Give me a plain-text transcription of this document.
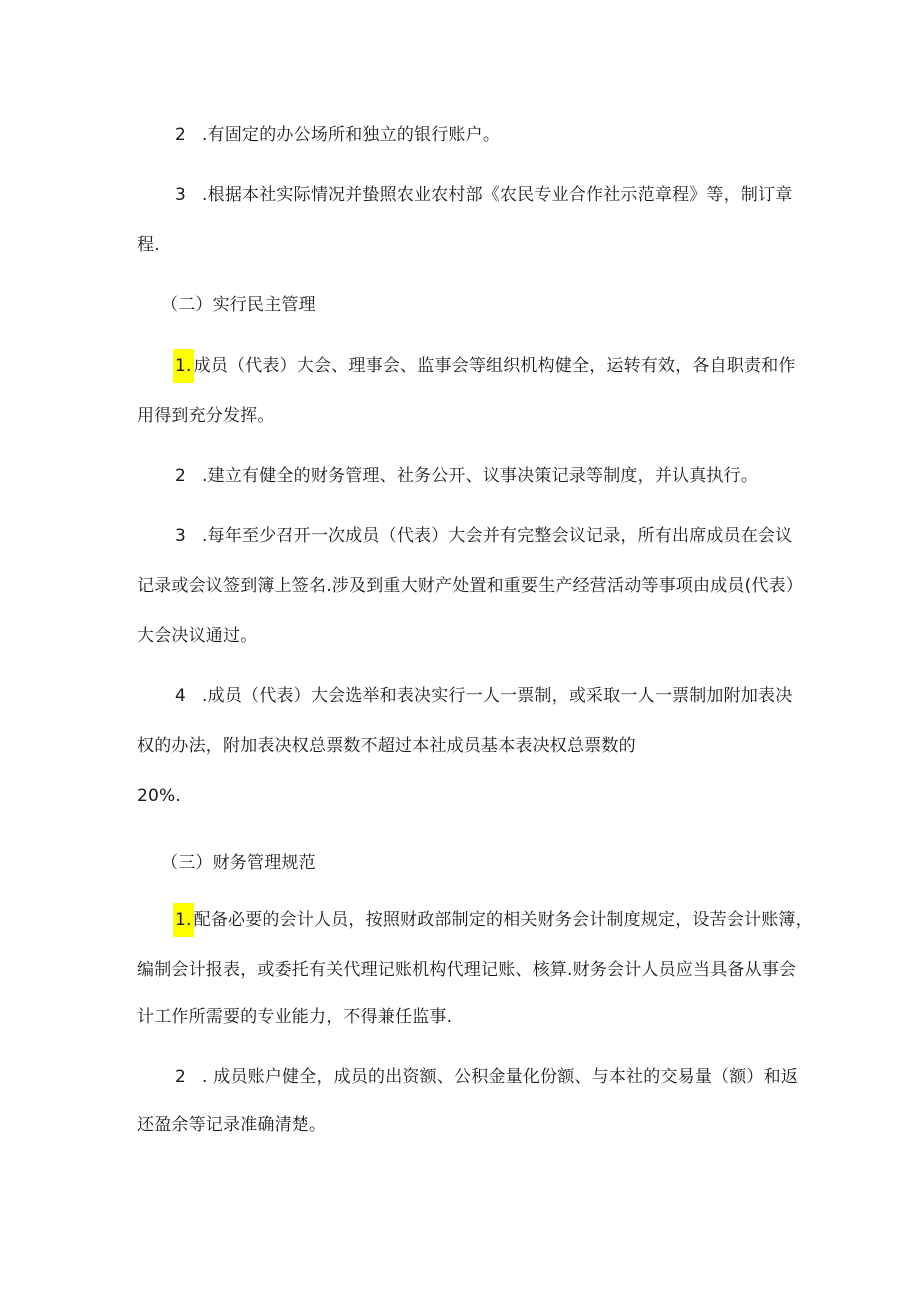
2 .有固定的办公场所和独立的银行账户。
3 .根据本社实际情况并蛰照农业农村部《农民专业合作社示范章程》等，制订章
程.
（二）实行民主管理
1. 成员（代表）大会、理事会、监事会等组织机构健全，运转有效，各自职责和作
用得到充分发挥。
2 .建立有健全的财务管理、社务公开、议事决策记录等制度，并认真执行。
3 .每年至少召开一次成员（代表）大会并有完整会议记录，所有出席成员在会议
记录或会议签到簿上签名.涉及到重大财产处置和重要生产经营活动等事项由成员(代表）
大会决议通过。
4 .成员（代表）大会选举和表决实行一人一票制，或采取一人一票制加附加表决
权的办法，附加表决权总票数不超过本社成员基本表决权总票数的
20%.
（三）财务管理规范
1. 配备必要的会计人员，按照财政部制定的相关财务会计制度规定，设苦会计账簿，
编制会计报表，或委托有关代理记账机构代理记账、核算.财务会计人员应当具备从事会
计工作所需要的专业能力，不得兼任监事.
2 . 成员账户健全，成员的出资额、公积金量化份额、与本社的交易量（额）和返
还盈余等记录准确清楚。
